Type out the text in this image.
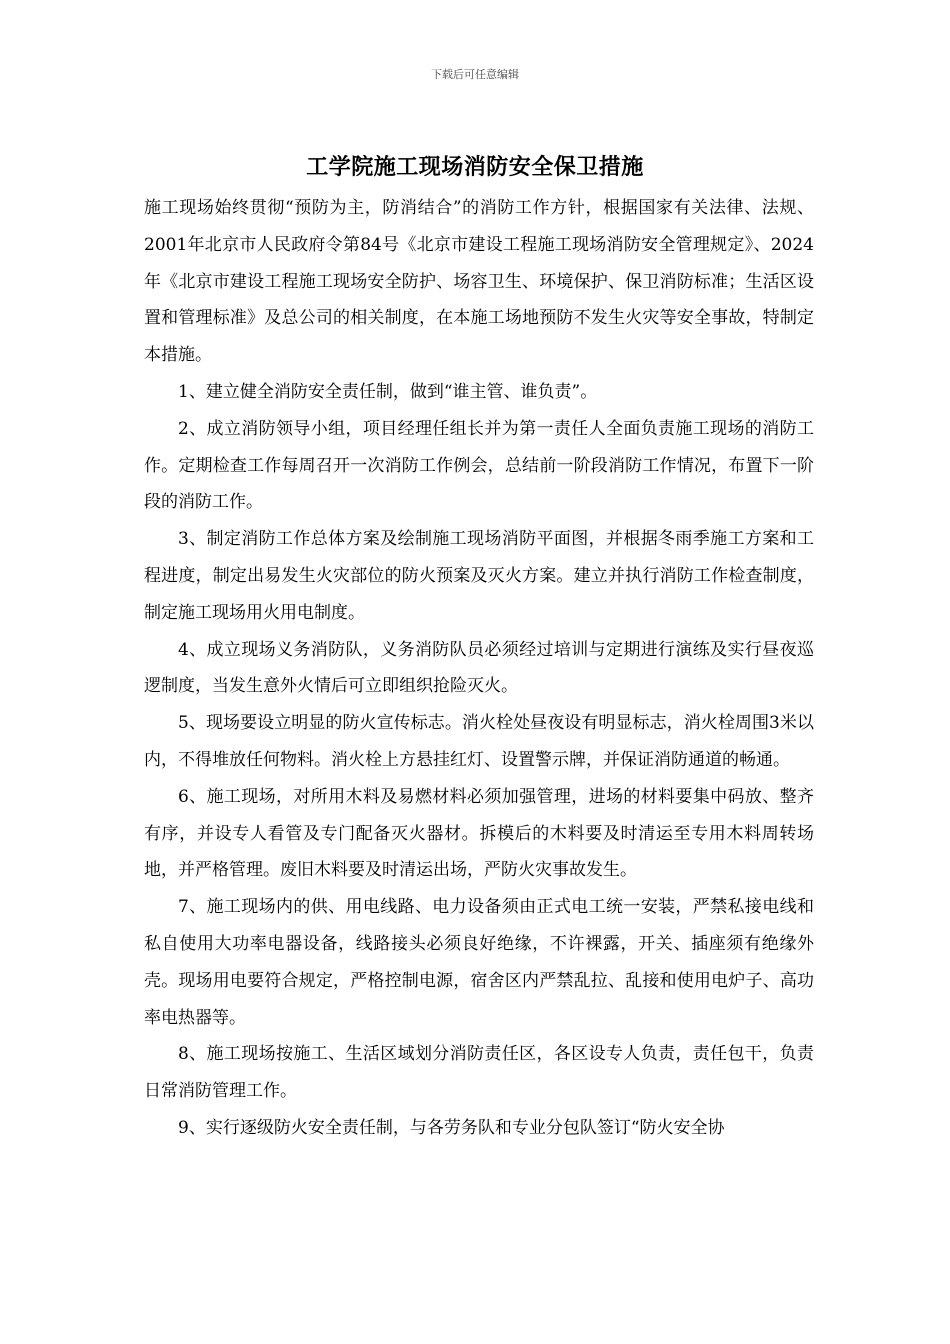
下载后可任意编辑
工学院施工现场消防安全保卫措施

施工现场始终贯彻“预防为主，防消结合”的消防工作方针，根据国家有关法律、法规、2001年北京市人民政府令第84号《北京市建设工程施工现场消防安全管理规定》、2024年《北京市建设工程施工现场安全防护、场容卫生、环境保护、保卫消防标准；生活区设置和管理标准》及总公司的相关制度，在本施工场地预防不发生火灾等安全事故，特制定本措施。

1、建立健全消防安全责任制，做到“谁主管、谁负责”。

2、成立消防领导小组，项目经理任组长并为第一责任人全面负责施工现场的消防工作。定期检查工作每周召开一次消防工作例会，总结前一阶段消防工作情况，布置下一阶段的消防工作。

3、制定消防工作总体方案及绘制施工现场消防平面图，并根据冬雨季施工方案和工程进度，制定出易发生火灾部位的防火预案及灭火方案。建立并执行消防工作检查制度，制定施工现场用火用电制度。

4、成立现场义务消防队，义务消防队员必须经过培训与定期进行演练及实行昼夜巡逻制度，当发生意外火情后可立即组织抢险灭火。

5、现场要设立明显的防火宣传标志。消火栓处昼夜设有明显标志，消火栓周围3米以内，不得堆放任何物料。消火栓上方悬挂红灯、设置警示牌，并保证消防通道的畅通。

6、施工现场，对所用木料及易燃材料必须加强管理，进场的材料要集中码放、整齐有序，并设专人看管及专门配备灭火器材。拆模后的木料要及时清运至专用木料周转场地，并严格管理。废旧木料要及时清运出场，严防火灾事故发生。

7、施工现场内的供、用电线路、电力设备须由正式电工统一安装，严禁私接电线和私自使用大功率电器设备，线路接头必须良好绝缘，不许裸露，开关、插座须有绝缘外壳。现场用电要符合规定，严格控制电源，宿舍区内严禁乱拉、乱接和使用电炉子、高功率电热器等。

8、施工现场按施工、生活区域划分消防责任区，各区设专人负责，责任包干，负责日常消防管理工作。

9、实行逐级防火安全责任制，与各劳务队和专业分包队签订“防火安全协
